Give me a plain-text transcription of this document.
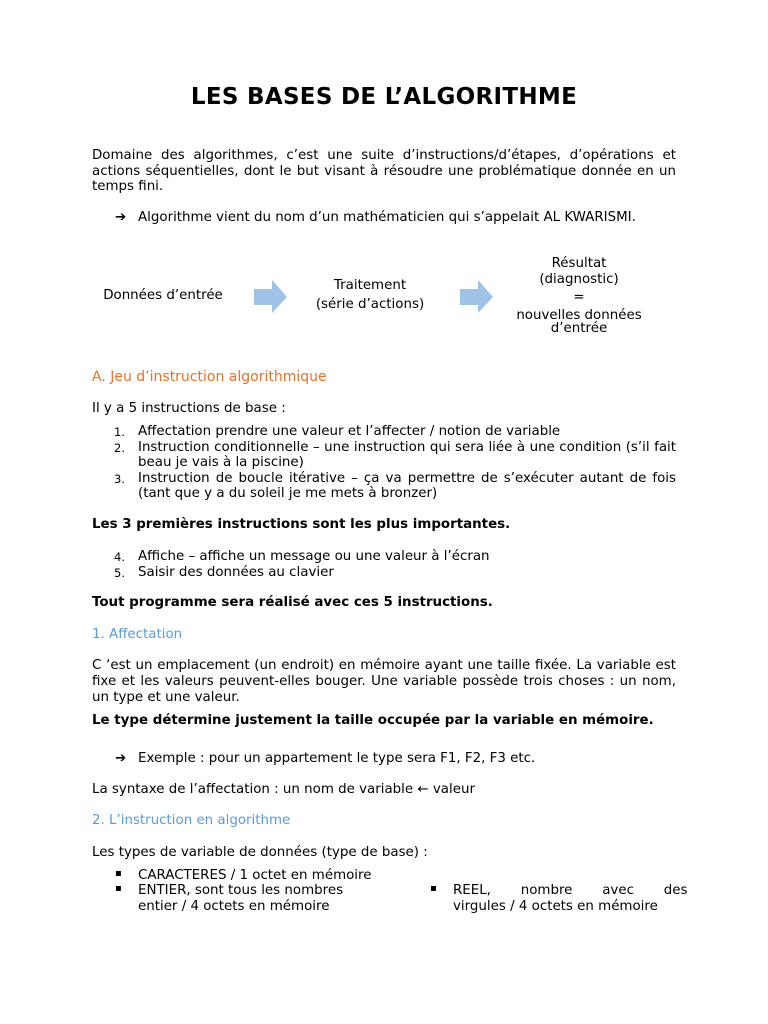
LES BASES DE L’ALGORITHME
Domaine des algorithmes, c’est une suite d’instructions/d’étapes, d’opérations et actions séquentielles, dont le but visant à résoudre une problématique donnée en un temps fini.
➔ Algorithme vient du nom d’un mathématicien qui s’appelait AL KWARISMI.
Données d’entrée
Traitement
(série d’actions)
Résultat
(diagnostic)
=
nouvelles données
d’entrée
A. Jeu d’instruction algorithmique
Il y a 5 instructions de base :
1. Affectation prendre une valeur et l’affecter / notion de variable
2. Instruction conditionnelle – une instruction qui sera liée à une condition (s’il fait beau je vais à la piscine)
3. Instruction de boucle itérative – ça va permettre de s’exécuter autant de fois (tant que y a du soleil je me mets à bronzer)
Les 3 premières instructions sont les plus importantes.
4. Affiche – affiche un message ou une valeur à l’écran
5. Saisir des données au clavier
Tout programme sera réalisé avec ces 5 instructions.
1. Affectation
C ‘est un emplacement (un endroit) en mémoire ayant une taille fixée. La variable est fixe et les valeurs peuvent-elles bouger. Une variable possède trois choses : un nom, un type et une valeur.
Le type détermine justement la taille occupée par la variable en mémoire.
➔ Exemple : pour un appartement le type sera F1, F2, F3 etc.
La syntaxe de l’affectation : un nom de variable ← valeur
2. L’instruction en algorithme
Les types de variable de données (type de base) :
▪ CARACTERES / 1 octet en mémoire
▪ ENTIER, sont tous les nombres
entier / 4 octets en mémoire
▪ REEL,       nombre       avec       des
virgules / 4 octets en mémoire
